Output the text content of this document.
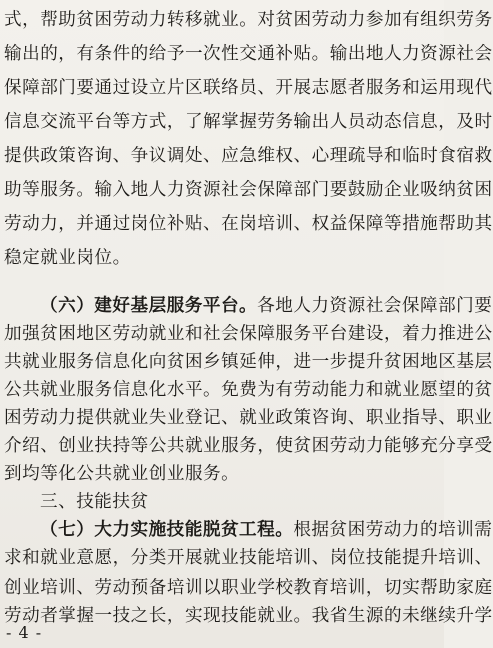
式，帮助贫困劳动力转移就业。对贫困劳动力参加有组织劳务
输出的，有条件的给予一次性交通补贴。输出地人力资源社会
保障部门要通过设立片区联络员、开展志愿者服务和运用现代
信息交流平台等方式，了解掌握劳务输出人员动态信息，及时
提供政策咨询、争议调处、应急维权、心理疏导和临时食宿救
助等服务。输入地人力资源社会保障部门要鼓励企业吸纳贫困
劳动力，并通过岗位补贴、在岗培训、权益保障等措施帮助其
稳定就业岗位。
（六）建好基层服务平台。各地人力资源社会保障部门要
加强贫困地区劳动就业和社会保障服务平台建设，着力推进公
共就业服务信息化向贫困乡镇延伸，进一步提升贫困地区基层
公共就业服务信息化水平。免费为有劳动能力和就业愿望的贫
困劳动力提供就业失业登记、就业政策咨询、职业指导、职业
介绍、创业扶持等公共就业服务，使贫困劳动力能够充分享受
到均等化公共就业创业服务。
三、技能扶贫
（七）大力实施技能脱贫工程。根据贫困劳动力的培训需
- 4 -
求和就业意愿，分类开展就业技能培训、岗位技能提升培训、
创业培训、劳动预备培训以职业学校教育培训，切实帮助家庭
劳动者掌握一技之长，实现技能就业。我省生源的未继续升学
